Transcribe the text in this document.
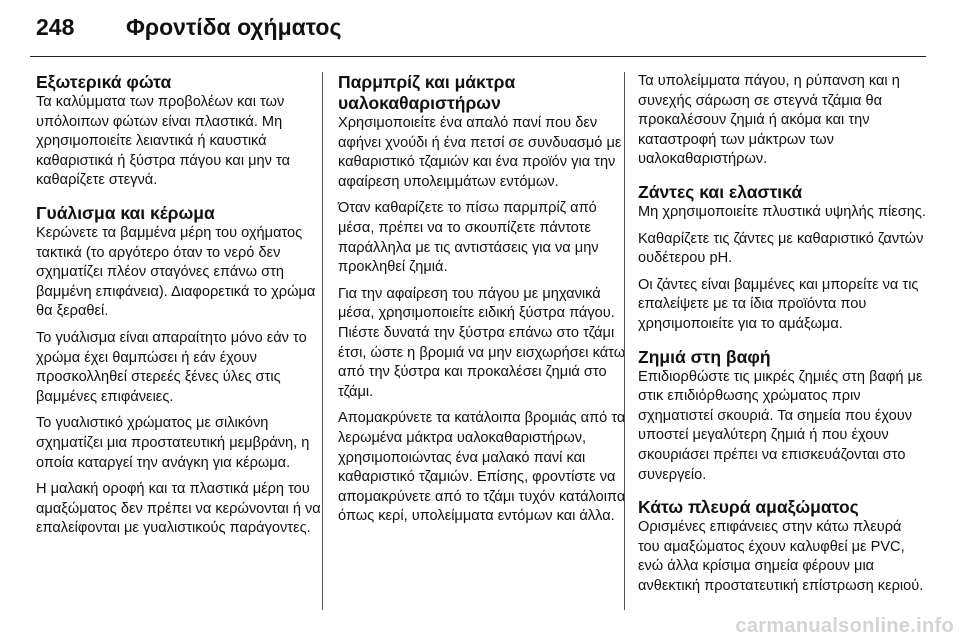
248	Φροντίδα οχήματος
Εξωτερικά φώτα

Τα καλύμματα των προβολέων και των υπόλοιπων φώτων είναι πλαστικά. Μη χρησιμοποιείτε λειαντικά ή καυστικά καθαριστικά ή ξύστρα πάγου και μην τα καθαρίζετε στεγνά.

Γυάλισμα και κέρωμα

Κερώνετε τα βαμμένα μέρη του οχήματος τακτικά (το αργότερο όταν το νερό δεν σχηματίζει πλέον σταγόνες επάνω στη βαμμένη επιφάνεια). Διαφορετικά το χρώμα θα ξεραθεί.

Το γυάλισμα είναι απαραίτητο μόνο εάν το χρώμα έχει θαμπώσει ή εάν έχουν προσκολληθεί στερεές ξένες ύλες στις βαμμένες επιφάνειες.

Το γυαλιστικό χρώματος με σιλικόνη σχηματίζει μια προστατευτική μεμβράνη, η οποία καταργεί την ανάγκη για κέρωμα.

Η μαλακή οροφή και τα πλαστικά μέρη του αμαξώματος δεν πρέπει να κερώνονται ή να επαλείφονται με γυαλιστικούς παράγοντες.

Παρμπρίζ και μάκτρα υαλοκαθαριστήρων

Χρησιμοποιείτε ένα απαλό πανί που δεν αφήνει χνούδι ή ένα πετσί σε συνδυασμό με καθαριστικό τζαμιών και ένα προϊόν για την αφαίρεση υπολειμμάτων εντόμων.

Όταν καθαρίζετε το πίσω παρμπρίζ από μέσα, πρέπει να το σκουπίζετε πάντοτε παράλληλα με τις αντιστάσεις για να μην προκληθεί ζημιά.

Για την αφαίρεση του πάγου με μηχανικά μέσα, χρησιμοποιείτε ειδική ξύστρα πάγου. Πιέστε δυνατά την ξύστρα επάνω στο τζάμι έτσι, ώστε η βρομιά να μην εισχωρήσει κάτω από την ξύστρα και προκαλέσει ζημιά στο τζάμι.

Απομακρύνετε τα κατάλοιπα βρομιάς από τα λερωμένα μάκτρα υαλοκαθαριστήρων, χρησιμοποιώντας ένα μαλακό πανί και καθαριστικό τζαμιών. Επίσης, φροντίστε να απομακρύνετε από το τζάμι τυχόν κατάλοιπα όπως κερί, υπολείμματα εντόμων και άλλα.

Τα υπολείμματα πάγου, η ρύπανση και η συνεχής σάρωση σε στεγνά τζάμια θα προκαλέσουν ζημιά ή ακόμα και την καταστροφή των μάκτρων των υαλοκαθαριστήρων.

Ζάντες και ελαστικά

Μη χρησιμοποιείτε πλυστικά υψηλής πίεσης.

Καθαρίζετε τις ζάντες με καθαριστικό ζαντών ουδέτερου pH.

Οι ζάντες είναι βαμμένες και μπορείτε να τις επαλείψετε με τα ίδια προϊόντα που χρησιμοποιείτε για το αμάξωμα.

Ζημιά στη βαφή

Επιδιορθώστε τις μικρές ζημιές στη βαφή με στικ επιδιόρθωσης χρώματος πριν σχηματιστεί σκουριά. Τα σημεία που έχουν υποστεί μεγαλύτερη ζημιά ή που έχουν σκουριάσει πρέπει να επισκευάζονται στο συνεργείο.

Κάτω πλευρά αμαξώματος

Ορισμένες επιφάνειες στην κάτω πλευρά του αμαξώματος έχουν καλυφθεί με PVC, ενώ άλλα κρίσιμα σημεία φέρουν μια ανθεκτική προστατευτική επίστρωση κεριού.

carmanualsonline.info
